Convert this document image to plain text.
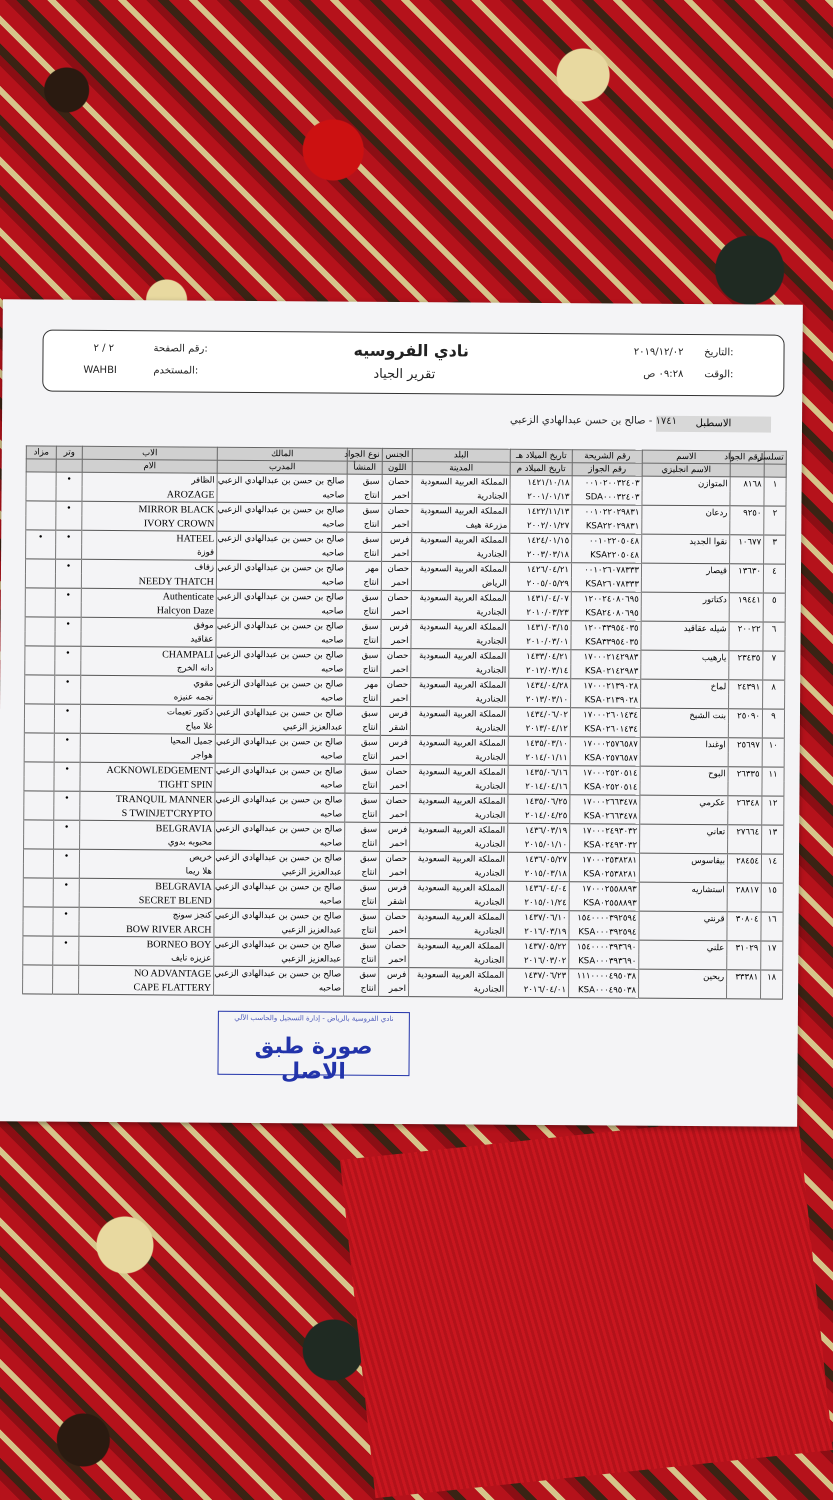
التاريخ:
٢٠١٩/١٢/٠٢
الوقت:
٠٩:٢٨ ص
نادي الفروسيه
تقرير الجياد
رقم الصفحة:
٢ / ٢
المستخدم:
WAHBI
الاسطبل
١٧٤١ - صالح بن حسن عبدالهادي الزعبي
تسلسل	رقم الجواد	الاسم	رقم الشريحة	تاريخ الميلاد هـ	البلد	الجنس	نوع الجواد	المالك	الاب	وتر	مزاد
		الاسم انجليزي	رقم الجواز	تاريخ الميلاد م	المدينة	اللون	المنشأ	المدرب	الام		
١	٨١٦٨	المتوازن	٠٠١٠٢٠٠٣٢٤٠٣	١٤٢١/١٠/١٨	المملكة العربية السعودية	حصان	سبق	صالح بن حسن بن عبدالهادي الزعبي	الظافر	•	
			SDA٠٠٠٣٢٤٠٣	٢٠٠١/٠١/١٣	الجنادرية	احمر	انتاج	صاحبه	AROZAGE		
٢	٩٢٥٠	ردعان	٠٠١٠٢٢٠٢٩٨٣١	١٤٢٢/١١/١٣	المملكة العربية السعودية	حصان	سبق	صالح بن حسن بن عبدالهادي الزعبي	MIRROR BLACK	•	
			KSA٢٢٠٢٩٨٣١	٢٠٠٢/٠١/٢٧	مزرعة هيف	احمر	انتاج	صاحبه	IVORY CROWN		
٣	١٠٦٧٧	نقوا الجديد	٠٠١٠٢٢٠٥٠٤٨	١٤٢٤/٠١/١٥	المملكة العربية السعودية	فرس	سبق	صالح بن حسن بن عبدالهادي الزعبي	HATEEL	•	•
			KSA٢٢٠٥٠٤٨	٢٠٠٣/٠٣/١٨	الجنادرية	احمر	انتاج	صاحبه	فوزة		
٤	١٣٦٣٠	قيصار	٠٠١٠٢٦٠٧٨٣٣٣	١٤٢٦/٠٤/٢١	المملكة العربية السعودية	حصان	مهر	صالح بن حسن بن عبدالهادي الزعبي	زفاف	•	
			KSA٢٦٠٧٨٣٣٣	٢٠٠٥/٠٥/٢٩	الرياض	احمر	انتاج	صاحبه	NEEDY THATCH		
٥	١٩٤٤١	دكتاتور	١٢٠٠٢٤٠٨٠٦٩٥	١٤٣١/٠٤/٠٧	المملكة العربية السعودية	حصان	سبق	صالح بن حسن بن عبدالهادي الزعبي	Authenticate	•	
			KSA٢٤٠٨٠٦٩٥	٢٠١٠/٠٣/٢٣	الجنادرية	احمر	انتاج	صاحبه	Halcyon Daze		
٦	٢٠٠٢٢	شيله عقاقيد	١٢٠٠٣٣٩٥٤٠٣٥	١٤٣١/٠٣/١٥	المملكة العربية السعودية	فرس	سبق	صالح بن حسن بن عبدالهادي الزعبي	موفق	•	
			KSA٣٣٩٥٤٠٣٥	٢٠١٠/٠٣/٠١	الجنادرية	احمر	انتاج	صاحبه	عقاقيد		
٧	٢٣٤٣٥	يارهيب	١٧٠٠٠٢١٤٢٩٨٣	١٤٣٣/٠٤/٢١	المملكة العربية السعودية	حصان	سبق	صالح بن حسن بن عبدالهادي الزعبي	CHAMPALI	•	
			KSA٠٢١٤٢٩٨٣	٢٠١٢/٠٣/١٤	الجنادرية	احمر	انتاج	صاحبه	دانه الخرج		
٨	٢٤٣٩١	لماخ	١٧٠٠٠٢١٣٩٠٢٨	١٤٣٤/٠٤/٢٨	المملكة العربية السعودية	حصان	مهر	صالح بن حسن بن عبدالهادي الزعبي	مقوي	•	
			KSA٠٢١٣٩٠٢٨	٢٠١٣/٠٣/١٠	الجنادرية	احمر	انتاج	صاحبه	نجمه عنيزه		
٩	٢٥٠٩٠	بنت الشيخ	١٧٠٠٠٢٦٠١٤٣٤	١٤٣٤/٠٦/٠٢	المملكة العربية السعودية	فرس	سبق	صالح بن حسن بن عبدالهادي الزعبي	دكتور تعيمات	•	
			KSA٠٢٦٠١٤٣٤	٢٠١٣/٠٤/١٢	الجنادرية	اشقر	انتاج	عبدالعزيز الزعبي	غلا مياح		
١٠	٢٥٦٩٧	اوغندا	١٧٠٠٠٢٥٧٦٥٨٧	١٤٣٥/٠٣/١٠	المملكة العربية السعودية	فرس	سبق	صالح بن حسن بن عبدالهادي الزعبي	جميل المحيا	•	
			KSA٠٢٥٧٦٥٨٧	٢٠١٤/٠١/١١	الجنادرية	احمر	انتاج	صاحبه	هواجر		
١١	٢٦٣٣٥	البوح	١٧٠٠٠٢٥٢٠٥١٤	١٤٣٥/٠٦/١٦	المملكة العربية السعودية	حصان	سبق	صالح بن حسن بن عبدالهادي الزعبي	ACKNOWLEDGEMENT	•	
			KSA٠٢٥٢٠٥١٤	٢٠١٤/٠٤/١٦	الجنادرية	احمر	انتاج	صاحبه	TIGHT SPIN		
١٢	٢٦٣٤٨	عكرمي	١٧٠٠٠٢٦٦٣٤٧٨	١٤٣٥/٠٦/٢٥	المملكة العربية السعودية	حصان	سبق	صالح بن حسن بن عبدالهادي الزعبي	TRANQUIL MANNER	•	
			KSA٠٢٦٦٣٤٧٨	٢٠١٤/٠٤/٢٥	الجنادرية	احمر	انتاج	صاحبه	S TWINJET'CRYPTO		
١٣	٢٧٦٦٤	تعاني	١٧٠٠٠٢٤٩٣٠٣٢	١٤٣٦/٠٣/١٩	المملكة العربية السعودية	فرس	سبق	صالح بن حسن بن عبدالهادي الزعبي	BELGRAVIA	•	
			KSA٠٢٤٩٣٠٣٢	٢٠١٥/٠١/١٠	الجنادرية	احمر	انتاج	صاحبه	محبوبه بدوي		
١٤	٢٨٤٥٤	بيقاسوس	١٧٠٠٠٢٥٣٨٢٨١	١٤٣٦/٠٥/٢٧	المملكة العربية السعودية	حصان	سبق	صالح بن حسن بن عبدالهادي الزعبي	خريص	•	
			KSA٠٢٥٣٨٢٨١	٢٠١٥/٠٣/١٨	الجنادرية	احمر	انتاج	عبدالعزيز الزعبي	هلا ريما		
١٥	٢٨٨١٧	استشاريه	١٧٠٠٠٢٥٥٨٨٩٣	١٤٣٦/٠٤/٠٤	المملكة العربية السعودية	فرس	سبق	صالح بن حسن بن عبدالهادي الزعبي	BELGRAVIA	•	
			KSA٠٢٥٥٨٨٩٣	٢٠١٥/٠١/٢٤	الجنادرية	اشقر	انتاج	صاحبه	SECRET BLEND		
١٦	٣٠٨٠٤	قرنتي	١٥٤٠٠٠٠٣٩٢٥٩٤	١٤٣٧/٠٦/١٠	المملكة العربية السعودية	حصان	سبق	صالح بن حسن بن عبدالهادي الزعبي	كنجز سونج	•	
			KSA٠٠٠٣٩٢٥٩٤	٢٠١٦/٠٣/١٩	الجنادرية	احمر	انتاج	عبدالعزيز الزعبي	BOW RIVER ARCH		
١٧	٣١٠٢٩	علني	١٥٤٠٠٠٠٣٩٣٦٩٠	١٤٣٧/٠٥/٢٢	المملكة العربية السعودية	حصان	سبق	صالح بن حسن بن عبدالهادي الزعبي	BORNEO BOY	•	
			KSA٠٠٠٣٩٣٦٩٠	٢٠١٦/٠٣/٠٢	الجنادرية	احمر	انتاج	عبدالعزيز الزعبي	عزيزه نايف		
١٨	٣٣٣٨١	ريحين	١١١٠٠٠٠٤٩٥٠٣٨	١٤٣٧/٠٦/٢٣	المملكة العربية السعودية	فرس	سبق	صالح بن حسن بن عبدالهادي الزعبي	NO ADVANTAGE		
			KSA٠٠٠٤٩٥٠٣٨	٢٠١٦/٠٤/٠١	الجنادرية	احمر	انتاج	صاحبه	CAPE FLATTERY		
نادي الفروسية بالرياض - إدارة التسجيل والحاسب الآلي
صورة طبق الاصل
